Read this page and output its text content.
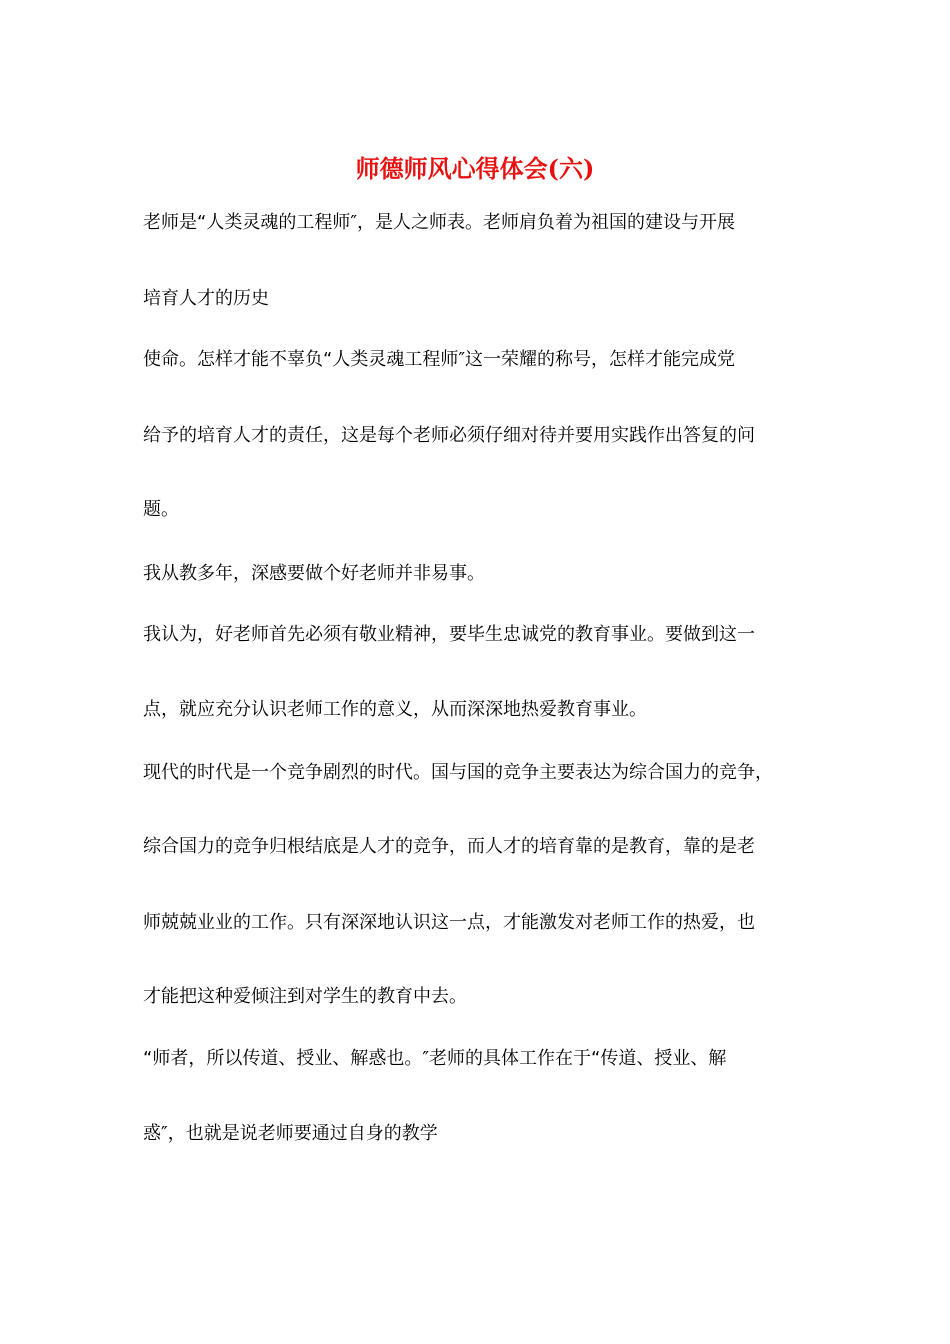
师德师风心得体会(六)
老师是“人类灵魂的工程师″，是人之师表。老师肩负着为祖国的建设与开展
培育人才的历史
使命。怎样才能不辜负“人类灵魂工程师″这一荣耀的称号，怎样才能完成党
给予的培育人才的责任，这是每个老师必须仔细对待并要用实践作出答复的问
题。
我从教多年，深感要做个好老师并非易事。
我认为，好老师首先必须有敬业精神，要毕生忠诚党的教育事业。要做到这一
点，就应充分认识老师工作的意义，从而深深地热爱教育事业。
现代的时代是一个竞争剧烈的时代。国与国的竞争主要表达为综合国力的竞争，
综合国力的竞争归根结底是人才的竞争，而人才的培育靠的是教育，靠的是老
师兢兢业业的工作。只有深深地认识这一点，才能激发对老师工作的热爱，也
才能把这种爱倾注到对学生的教育中去。
“师者，所以传道、授业、解惑也。″老师的具体工作在于“传道、授业、解
惑″，也就是说老师要通过自身的教学
